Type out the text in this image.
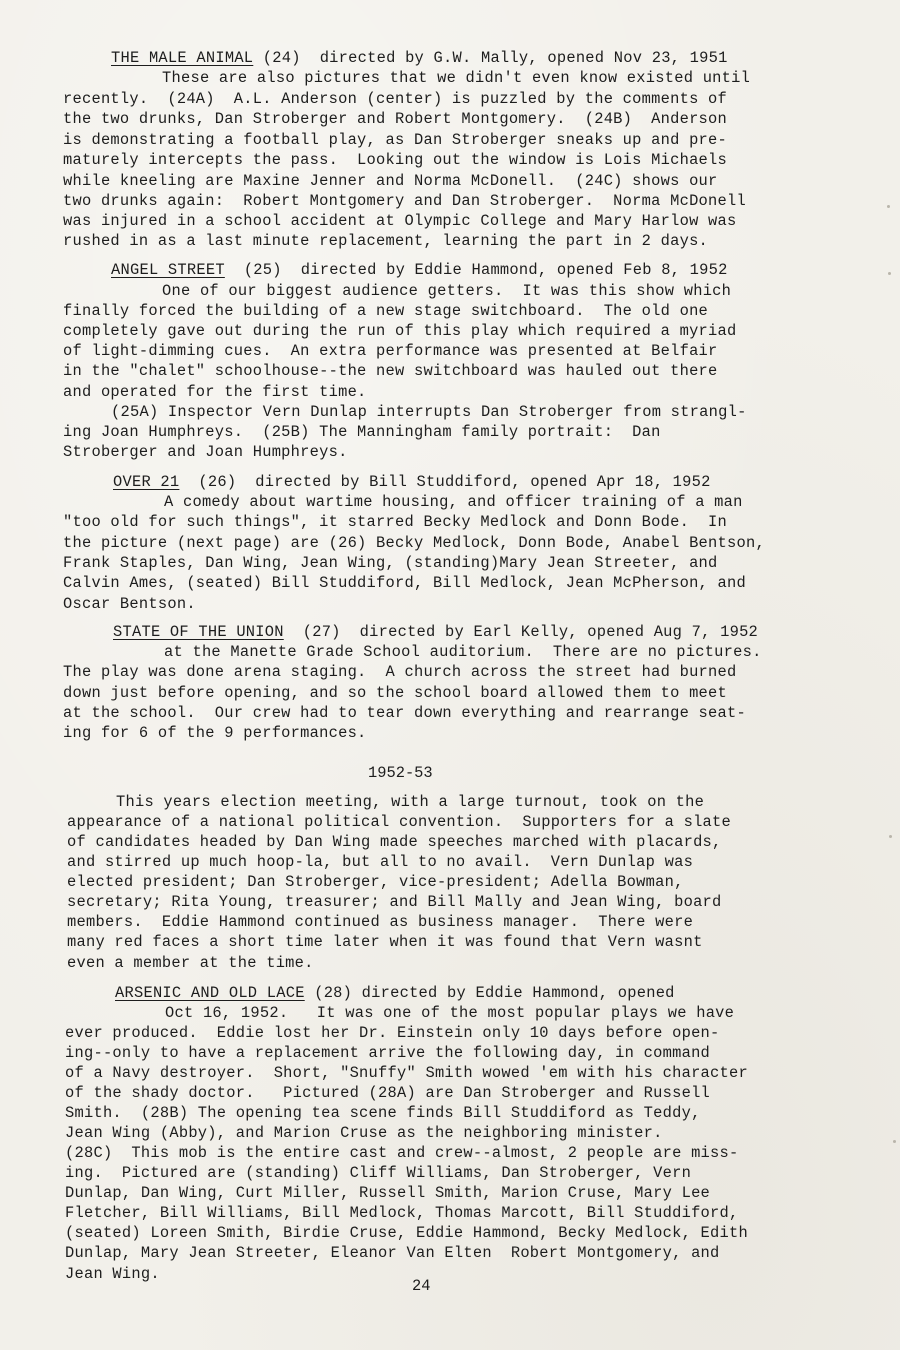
THE MALE ANIMAL (24)  directed by G.W. Mally, opened Nov 23, 1951
These are also pictures that we didn't even know existed until
recently.  (24A)  A.L. Anderson (center) is puzzled by the comments of
the two drunks, Dan Stroberger and Robert Montgomery.  (24B)  Anderson
is demonstrating a football play, as Dan Stroberger sneaks up and pre-
maturely intercepts the pass.  Looking out the window is Lois Michaels
while kneeling are Maxine Jenner and Norma McDonell.  (24C) shows our
two drunks again:  Robert Montgomery and Dan Stroberger.  Norma McDonell
was injured in a school accident at Olympic College and Mary Harlow was
rushed in as a last minute replacement, learning the part in 2 days.
ANGEL STREET  (25)  directed by Eddie Hammond, opened Feb 8, 1952
One of our biggest audience getters.  It was this show which
finally forced the building of a new stage switchboard.  The old one
completely gave out during the run of this play which required a myriad
of light-dimming cues.  An extra performance was presented at Belfair
in the "chalet" schoolhouse--the new switchboard was hauled out there
and operated for the first time.
(25A) Inspector Vern Dunlap interrupts Dan Stroberger from strangl-
ing Joan Humphreys.  (25B) The Manningham family portrait:  Dan
Stroberger and Joan Humphreys.
OVER 21  (26)  directed by Bill Studdiford, opened Apr 18, 1952
A comedy about wartime housing, and officer training of a man
"too old for such things", it starred Becky Medlock and Donn Bode.  In
the picture (next page) are (26) Becky Medlock, Donn Bode, Anabel Bentson,
Frank Staples, Dan Wing, Jean Wing, (standing)Mary Jean Streeter, and
Calvin Ames, (seated) Bill Studdiford, Bill Medlock, Jean McPherson, and
Oscar Bentson.
STATE OF THE UNION  (27)  directed by Earl Kelly, opened Aug 7, 1952
at the Manette Grade School auditorium.  There are no pictures.
The play was done arena staging.  A church across the street had burned
down just before opening, and so the school board allowed them to meet
at the school.  Our crew had to tear down everything and rearrange seat-
ing for 6 of the 9 performances.
1952-53
This years election meeting, with a large turnout, took on the
appearance of a national political convention.  Supporters for a slate
of candidates headed by Dan Wing made speeches marched with placards,
and stirred up much hoop-la, but all to no avail.  Vern Dunlap was
elected president; Dan Stroberger, vice-president; Adella Bowman,
secretary; Rita Young, treasurer; and Bill Mally and Jean Wing, board
members.  Eddie Hammond continued as business manager.  There were
many red faces a short time later when it was found that Vern wasnt
even a member at the time.
ARSENIC AND OLD LACE (28) directed by Eddie Hammond, opened
Oct 16, 1952.   It was one of the most popular plays we have
ever produced.  Eddie lost her Dr. Einstein only 10 days before open-
ing--only to have a replacement arrive the following day, in command
of a Navy destroyer.  Short, "Snuffy" Smith wowed 'em with his character
of the shady doctor.   Pictured (28A) are Dan Stroberger and Russell
Smith.  (28B) The opening tea scene finds Bill Studdiford as Teddy,
Jean Wing (Abby), and Marion Cruse as the neighboring minister.
(28C)  This mob is the entire cast and crew--almost, 2 people are miss-
ing.  Pictured are (standing) Cliff Williams, Dan Stroberger, Vern
Dunlap, Dan Wing, Curt Miller, Russell Smith, Marion Cruse, Mary Lee
Fletcher, Bill Williams, Bill Medlock, Thomas Marcott, Bill Studdiford,
(seated) Loreen Smith, Birdie Cruse, Eddie Hammond, Becky Medlock, Edith
Dunlap, Mary Jean Streeter, Eleanor Van Elten  Robert Montgomery, and
Jean Wing.
24
